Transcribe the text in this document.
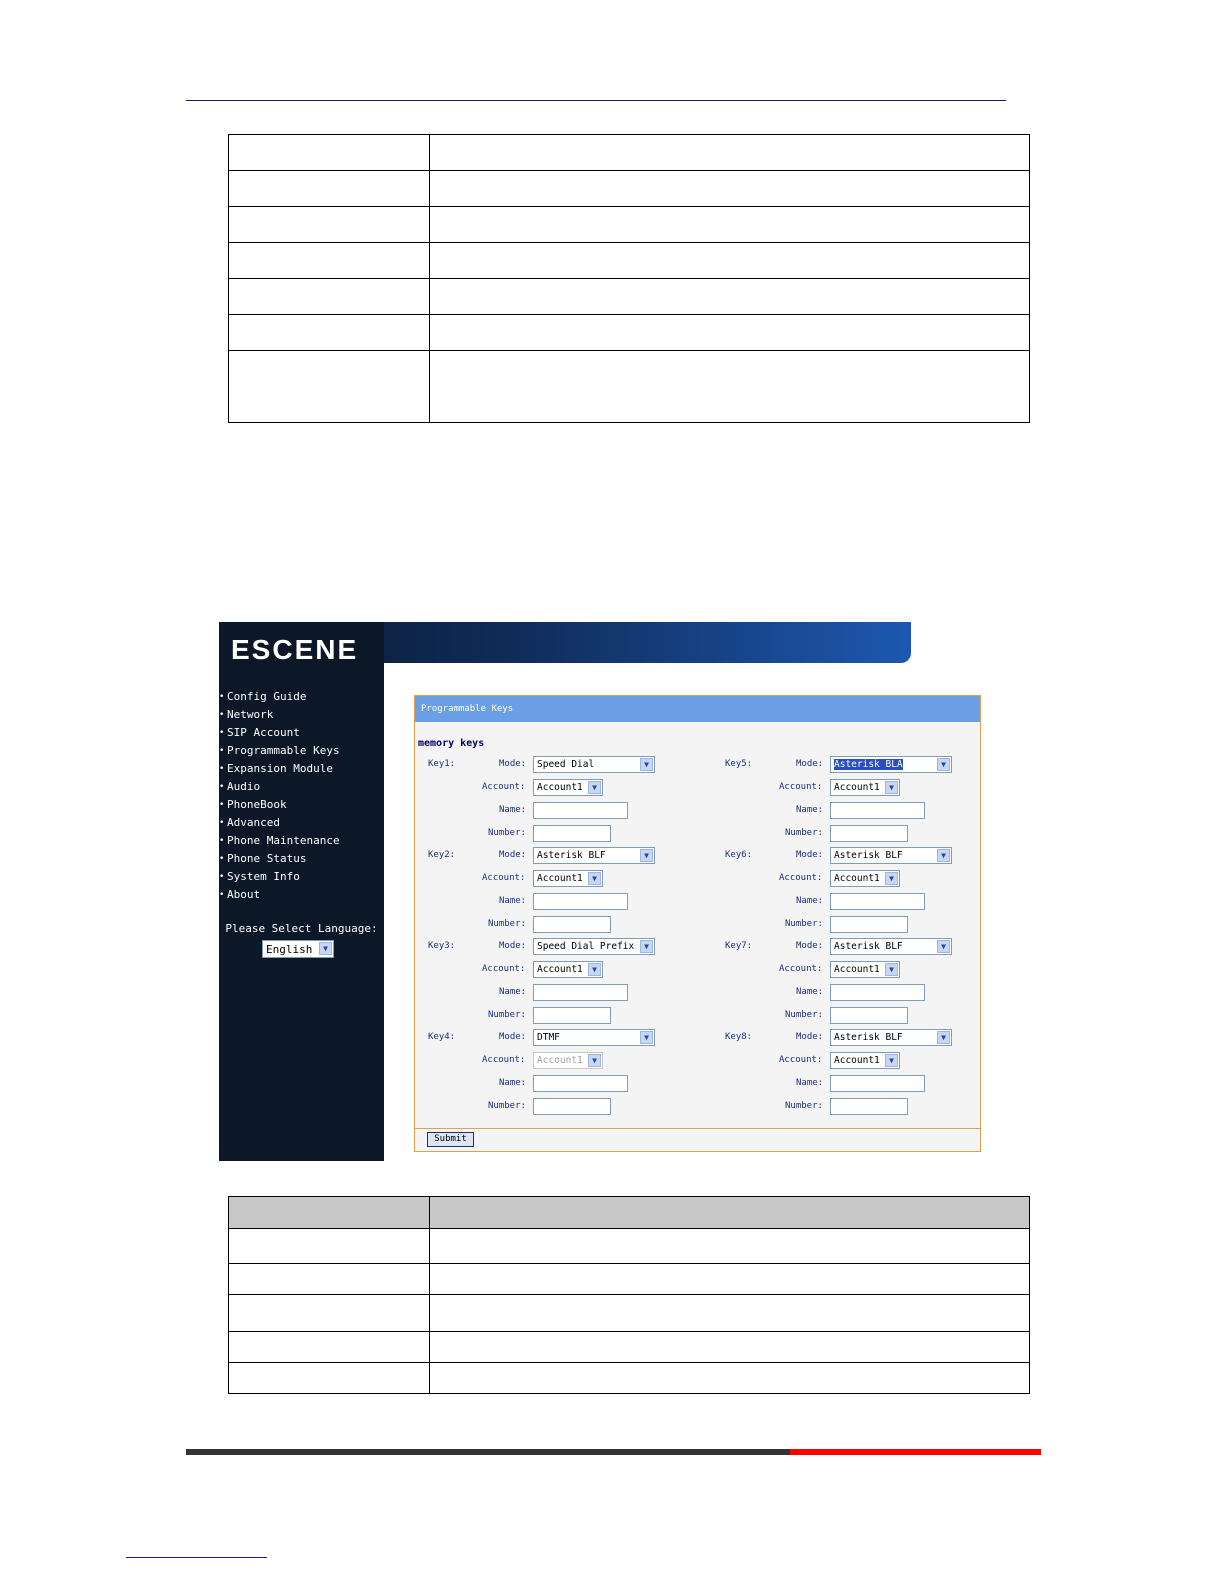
ESCENE
• Config Guide
• Network
• SIP Account
• Programmable Keys
• Expansion Module
• Audio
• PhoneBook
• Advanced
• Phone Maintenance
• Phone Status
• System Info
• About
Please Select Language:
English	▼
Programmable Keys
memory keys
Key1:	Mode:	Speed Dial	▼
Account:	Account1	▼
Name:
Number:
Key2:	Mode:	Asterisk BLF	▼
Account:	Account1	▼
Name:
Number:
Key3:	Mode:	Speed Dial Prefix	▼
Account:	Account1	▼
Name:
Number:
Key4:	Mode:	DTMF	▼
Account:	Account1	▼
Name:
Number:
Key5:	Mode:	Asterisk BLA	▼
Account:	Account1	▼
Name:
Number:
Key6:	Mode:	Asterisk BLF	▼
Account:	Account1	▼
Name:
Number:
Key7:	Mode:	Asterisk BLF	▼
Account:	Account1	▼
Name:
Number:
Key8:	Mode:	Asterisk BLF	▼
Account:	Account1	▼
Name:
Number:
Submit
